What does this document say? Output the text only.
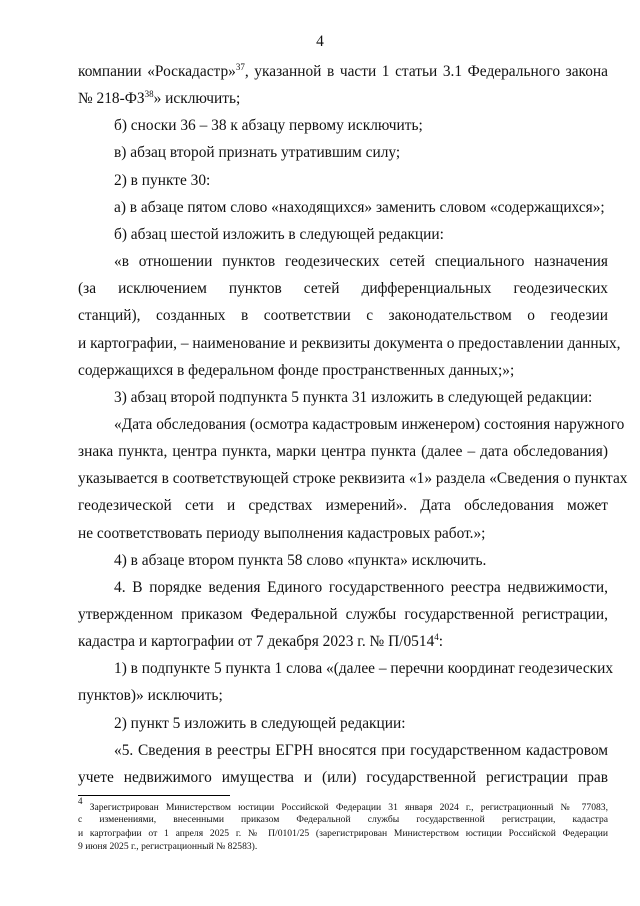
4
компании «Роскадастр»$^{37}$, указанной в части 1 статьи 3.1 Федерального закона
№ 218-ФЗ$^{38}$» исключить;
б) сноски 36 – 38 к абзацу первому исключить;
в) абзац второй признать утратившим силу;
2) в пункте 30:
а) в абзаце пятом слово «находящихся» заменить словом «содержащихся»;
б) абзац шестой изложить в следующей редакции:
«в отношении пунктов геодезических сетей специального назначения
(за исключением пунктов сетей дифференциальных геодезических
станций), созданных в соответствии с законодательством о геодезии
и картографии, – наименование и реквизиты документа о предоставлении данных,
содержащихся в федеральном фонде пространственных данных;»;
3) абзац второй подпункта 5 пункта 31 изложить в следующей редакции:
«Дата обследования (осмотра кадастровым инженером) состояния наружного
знака пункта, центра пункта, марки центра пункта (далее – дата обследования)
указывается в соответствующей строке реквизита «1» раздела «Сведения о пунктах
геодезической сети и средствах измерений». Дата обследования может
не соответствовать периоду выполнения кадастровых работ.»;
4) в абзаце втором пункта 58 слово «пункта» исключить.
4. В порядке ведения Единого государственного реестра недвижимости,
утвержденном приказом Федеральной службы государственной регистрации,
кадастра и картографии от 7 декабря 2023 г. № П/0514$^4$:
1) в подпункте 5 пункта 1 слова «(далее – перечни координат геодезических
пунктов)» исключить;
2) пункт 5 изложить в следующей редакции:
«5. Сведения в реестры ЕГРН вносятся при государственном кадастровом
учете недвижимого имущества и (или) государственной регистрации прав
$^4$ Зарегистрирован Министерством юстиции Российской Федерации 31 января 2024 г., регистрационный № 77083,
с изменениями, внесенными приказом Федеральной службы государственной регистрации, кадастра
и картографии от 1 апреля 2025 г. № П/0101/25 (зарегистрирован Министерством юстиции Российской Федерации
9 июня 2025 г., регистрационный № 82583).
